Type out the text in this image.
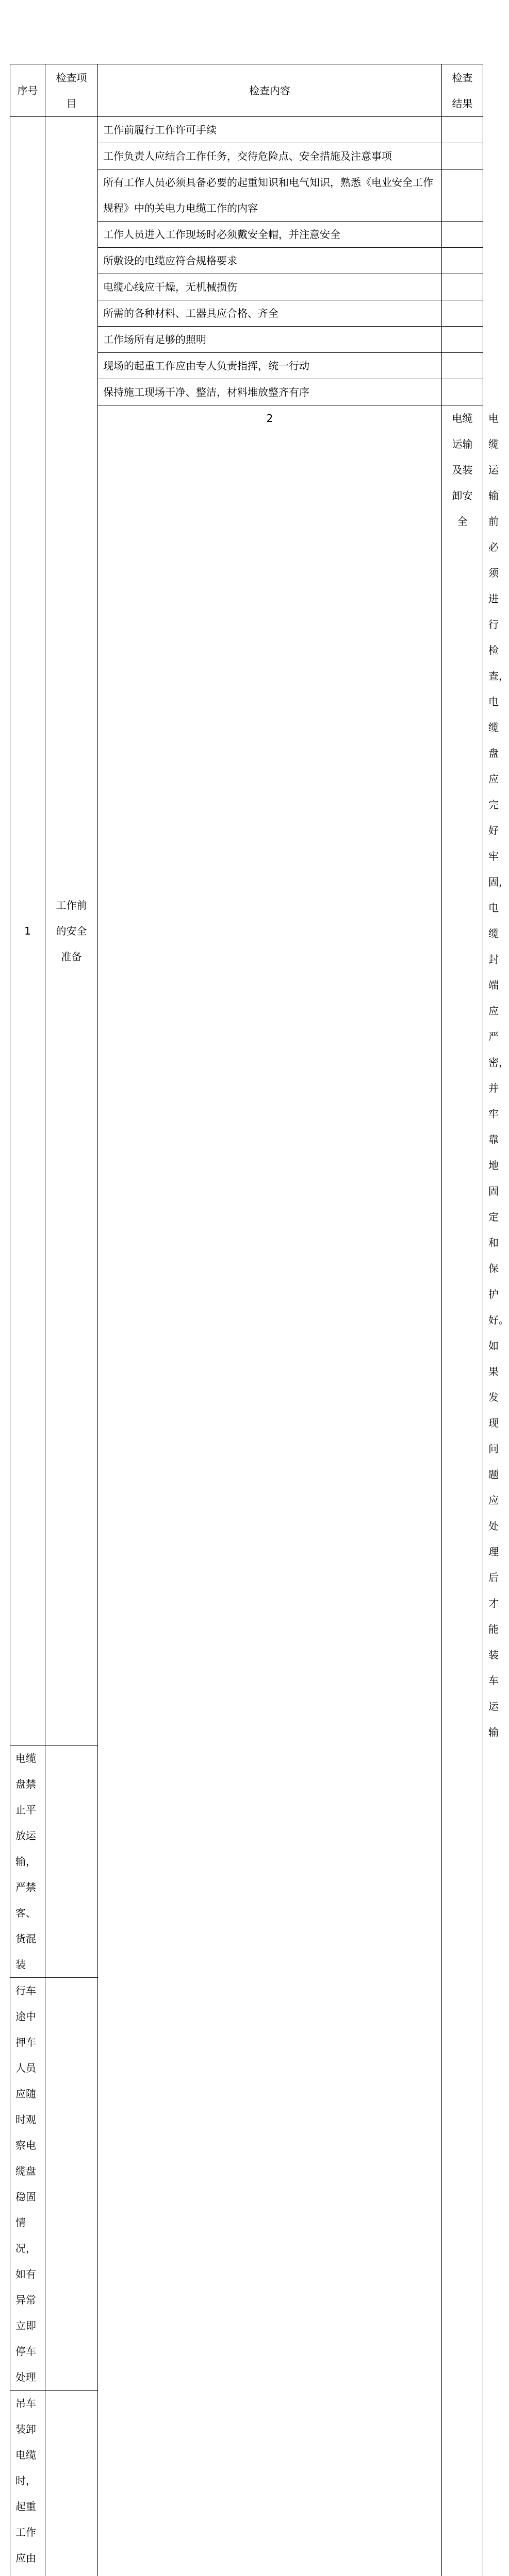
序号	检查项目	检查内容	检查结果	
1	工作前的安全准备	工作前履行工作许可手续		
		工作负责人应结合工作任务，交待危险点、安全措施及注意事项		
		所有工作人员必须具备必要的起重知识和电气知识，熟悉《电业安全工作规程》中的关电力电缆工作的内容		
		工作人员进入工作现场时必须戴安全帽，并注意安全		
		所敷设的电缆应符合规格要求		
		电缆心线应干燥，无机械损伤		
		所需的各种材料、工器具应合格、齐全		
		工作场所有足够的照明		
		现场的起重工作应由专人负责指挥，统一行动		
		保持施工现场干净、整洁，材料堆放整齐有序		
		2	电缆运输及装卸安全	电缆运输前必须进行检查，电缆盘应完好牢固，电缆封端应严密，并牢靠地固定和保护好。如果发现问题应处理后才能装车运输	
电缆盘禁止平放运输，严禁客、货混装				
行车途中押车人员应随时观察电缆盘稳固情况，如有异常立即停车处理				
吊车装卸电缆时，起重工作应由				
